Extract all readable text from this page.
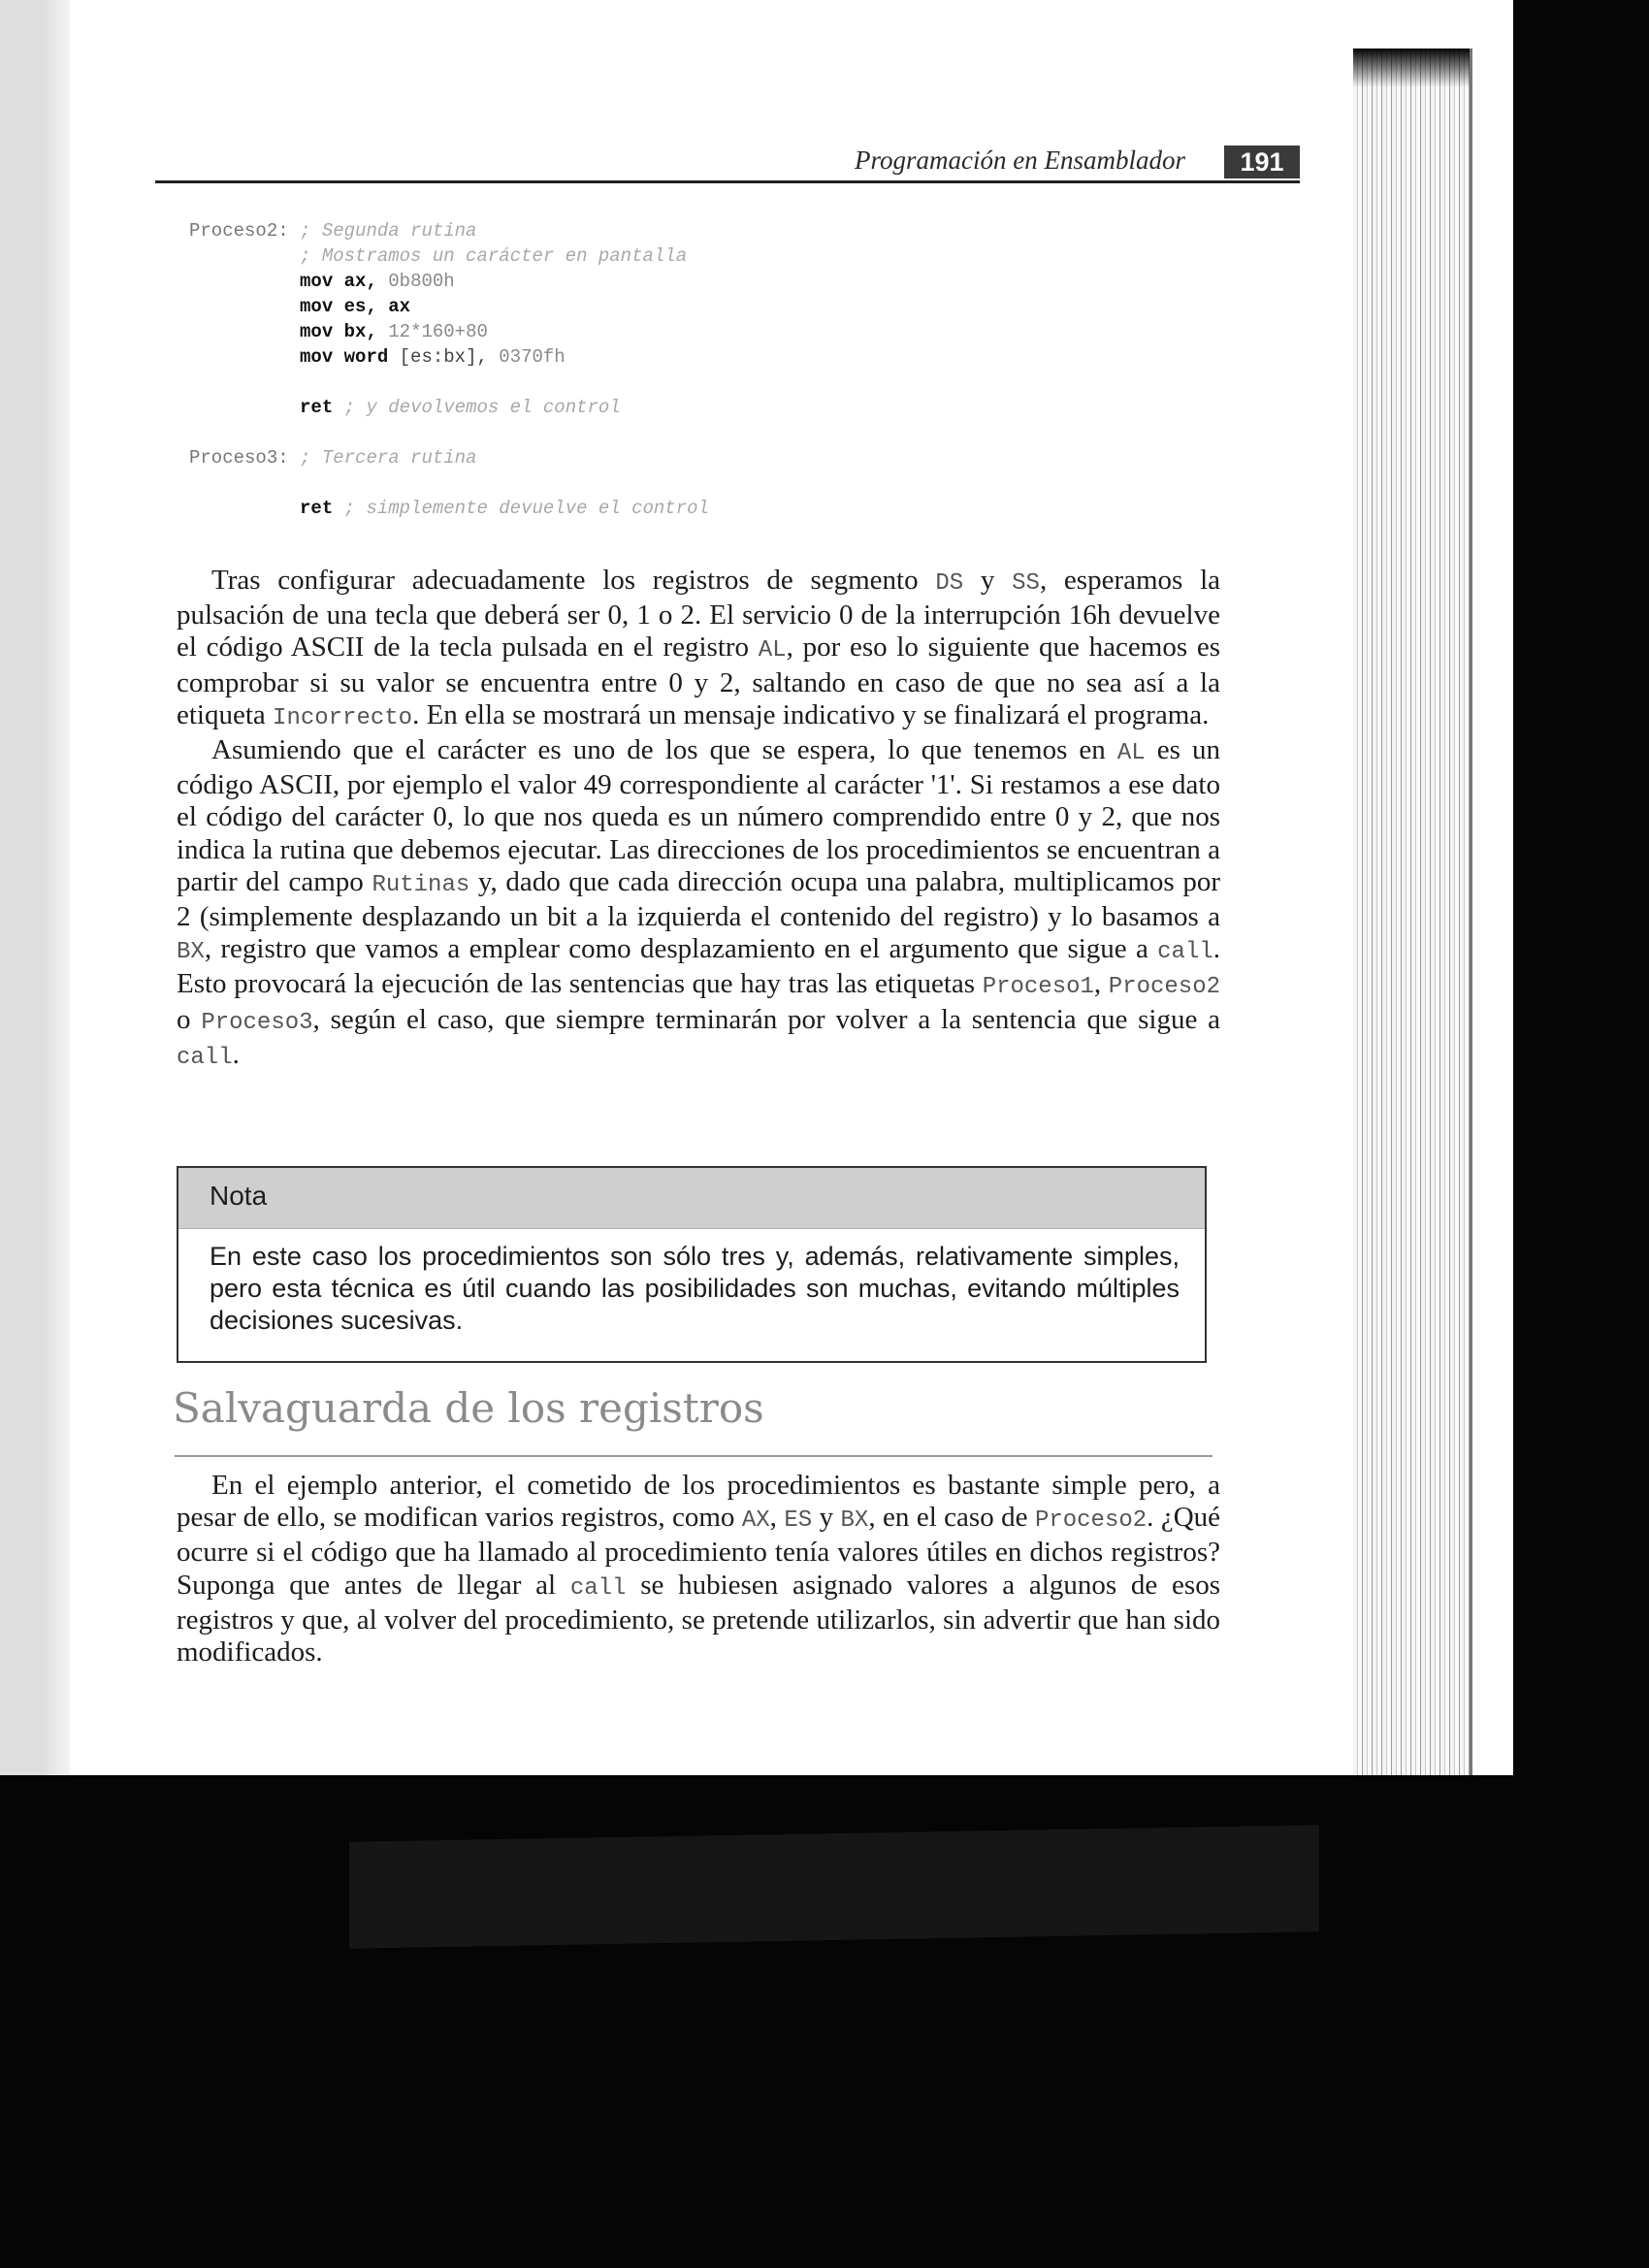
Programación en Ensamblador	191
Proceso2: ; Segunda rutina
; Mostramos un carácter en pantalla
mov ax, 0b800h
mov es, ax
mov bx, 12*160+80
mov word [es:bx], 0370fh

ret ; y devolvemos el control

Proceso3: ; Tercera rutina

ret ; simplemente devuelve el control

Tras configurar adecuadamente los registros de segmento DS y SS, esperamos la pulsación de una tecla que deberá ser 0, 1 o 2. El servicio 0 de la interrupción 16h devuelve el código ASCII de la tecla pulsada en el registro AL, por eso lo siguiente que hacemos es comprobar si su valor se encuentra entre 0 y 2, saltando en caso de que no sea así a la etiqueta Incorrecto. En ella se mostrará un mensaje indicativo y se finalizará el programa.

Asumiendo que el carácter es uno de los que se espera, lo que tenemos en AL es un código ASCII, por ejemplo el valor 49 correspondiente al carácter '1'. Si restamos a ese dato el código del carácter 0, lo que nos queda es un número comprendido entre 0 y 2, que nos indica la rutina que debemos ejecutar. Las direcciones de los procedimientos se encuentran a partir del campo Rutinas y, dado que cada dirección ocupa una palabra, multiplicamos por 2 (simplemente desplazando un bit a la izquierda el contenido del registro) y lo basamos a BX, registro que vamos a emplear como desplazamiento en el argumento que sigue a call. Esto provocará la ejecución de las sentencias que hay tras las etiquetas Proceso1, Proceso2 o Proceso3, según el caso, que siempre terminarán por volver a la sentencia que sigue a call.

Nota

En este caso los procedimientos son sólo tres y, además, relativamente simples, pero esta técnica es útil cuando las posibilidades son muchas, evitando múltiples decisiones sucesivas.

Salvaguarda de los registros

En el ejemplo anterior, el cometido de los procedimientos es bastante simple pero, a pesar de ello, se modifican varios registros, como AX, ES y BX, en el caso de Proceso2. ¿Qué ocurre si el código que ha llamado al procedimiento tenía valores útiles en dichos registros? Suponga que antes de llegar al call se hubiesen asignado valores a algunos de esos registros y que, al volver del procedimiento, se pretende utilizarlos, sin advertir que han sido modificados.
